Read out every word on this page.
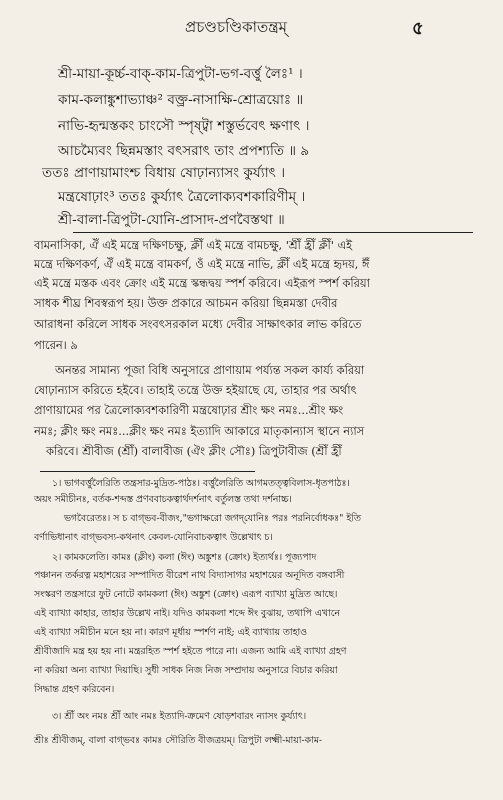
প্রচণ্ডচণ্ডিকাতন্ত্রম্	৫
শ্রী-মায়া-কূর্চ্চ-বাক্-কাম-ত্রিপুটা-ভগ-বর্ত্তু লৈঃ¹ ।
কাম-কলাঙ্কুশাভ্যাঞ্চ² বক্ত্র-নাসাক্ষি-শ্রোত্রয়োঃ ॥
নাভি-হৃন্মস্তকং চাংসৌ স্পৃষ্ট্বা শস্তুর্ভবেৎ ক্ষণাৎ ।
আচম্যৈবং ছিন্নমস্তাং বৎসরাৎ তাং প্রপশ্যতি ॥ ৯
ততঃ প্রাণায়ামাংশ্চ বিধায় ষোঢ়ান্যাসং কুর্য্যাৎ ।
মন্ত্রষোঢ়াং³ ততঃ কুর্য্যাৎ ত্রৈলোক্যবশকারিণীম্ ।
শ্রী-বালা-ত্রিপুটা-যোনি-প্রাসাদ-প্রণবৈস্তথা ॥
বামনাসিকা, ঐঁ এই মন্ত্রে দক্ষিণচক্ষু, ক্লীঁ এই মন্ত্রে বামচক্ষু, 'শ্রীঁ হ্রীঁ ক্লীঁ' এই
মন্ত্রে দক্ষিণকর্ণ, ঐঁ এই মন্ত্রে বামকর্ণ, ওঁ এই মন্ত্রে নাভি, ক্লীঁ এই মন্ত্রে হৃদয়, ঈঁ
এই মন্ত্রে মস্তক এবং ক্রোং এই মন্ত্রে স্কন্ধদ্বয় স্পর্শ করিবে। এইরূপ স্পর্শ করিয়া
সাধক শীঘ্র শিবস্বরূপ হয়। উক্ত প্রকারে আচমন করিয়া ছিন্নমস্তা দেবীর
আরাধনা করিলে সাধক সংবৎসরকাল মধ্যে দেবীর সাক্ষাৎকার লাভ করিতে
পারেন। ৯
অনন্তর সামান্য পূজা বিধি অনুসারে প্রাণায়াম পর্য্যন্ত সকল কার্য্য করিয়া
ষোঢ়ান্যাস করিতে হইবে। তাহাই তন্ত্রে উক্ত হইয়াছে যে, তাহার পর অর্থাৎ
প্রাণায়ামের পর ত্রৈলোক্যবশকারিণী মন্ত্রষোঢ়ার শ্রীং ক্ষং নমঃ...শ্রীং ক্ষং
নমঃ; ক্লীং ক্ষং নমঃ...ক্লীং ক্ষং নমঃ ইত্যাদি আকারে মাতৃকান্যাস স্থানে ন্যাস
করিবে। শ্রীবীজ (শ্রীঁ) বালাবীজ (ঐং ক্লীং সৌঃ) ত্রিপুটাবীজ (শ্রীঁ হ্রীঁ
১। ভাগবর্ত্তুলৈরিতি তন্ত্রসার-মুদ্রিত-পাঠঃ। বর্ত্তুলৈরিতি আগমতত্ত্ববিলাস-ধৃতপাঠঃ।
অয়ং সমীচীনঃ, বর্তক-শব্দস্ত প্রণববাচকত্বার্থদর্শনাৎ বর্তুলস্ত তথা দর্শনাচ্চ।
ভগবৈরেতঃ। স চ বাগ্‌ভব-বীজং,"ভগাক্ষরো জগদ্‌যোনিঃ পরঃ পরনির্বোধকঃ" ইতি
বর্ণাভিধানাৎ বাগ্ভবস্য-কথনাৎ কেবল-যোনিবাচকত্বাৎ উল্লেখাৎ চ।
২। কামকলেতি। কামঃ (ক্লীং) কলা (ঈং) অঙ্কুশঃ (ক্রোং) ইত্যর্থঃ। পূজ্যপাদ
পঞ্চানন তর্করত্ন মহাশয়ের সম্পাদিত বীরেশ নাথ বিদ্যাসাগর মহাশয়ের অনূদিত বঙ্গবাসী
সংস্করণ তন্ত্রসারে ফুট নোটে কামকলা (ঈং) অঙ্কুশ (ক্রোং) এরূপ ব্যাখ্যা মুদ্রিত আছে।
এই ব্যাখ্যা কাহার, তাহার উল্লেখ নাই। যদিও কামকলা শব্দে ঈং বুঝায়, তথাপি এখানে
এই ব্যাখ্যা সমীচীন মনে হয় না। কারণ মূর্ধায় স্পর্শণ নাই; এই ব্যাখ্যায় তাহাও
শ্রীবীজাদি মন্ত্র হয় হয় না। মন্ত্ররহিত স্পর্শ হইতে পারে না। এজন্য আমি এই ব্যাখ্যা গ্রহণ
না করিয়া অন্য ব্যাখ্যা দিয়াছি। সুধী সাধক নিজ নিজ সম্প্রদায় অনুসারে বিচার করিয়া
সিদ্ধান্ত গ্রহণ করিবেন।
৩। শ্রীঁ অং নমঃ শ্রীঁ আং নমঃ ইত্যাদি-ক্রমেণ ষোড়শবারং ন্যাসং কুর্য্যাৎ।
শ্রীঃ শ্রীবীজম্, বালা বাগ্‌ভবঃ কামঃ সৌরিতি বীজত্রয়ম্। ত্রিপুটা লক্ষ্মী-মায়া-কাম-
